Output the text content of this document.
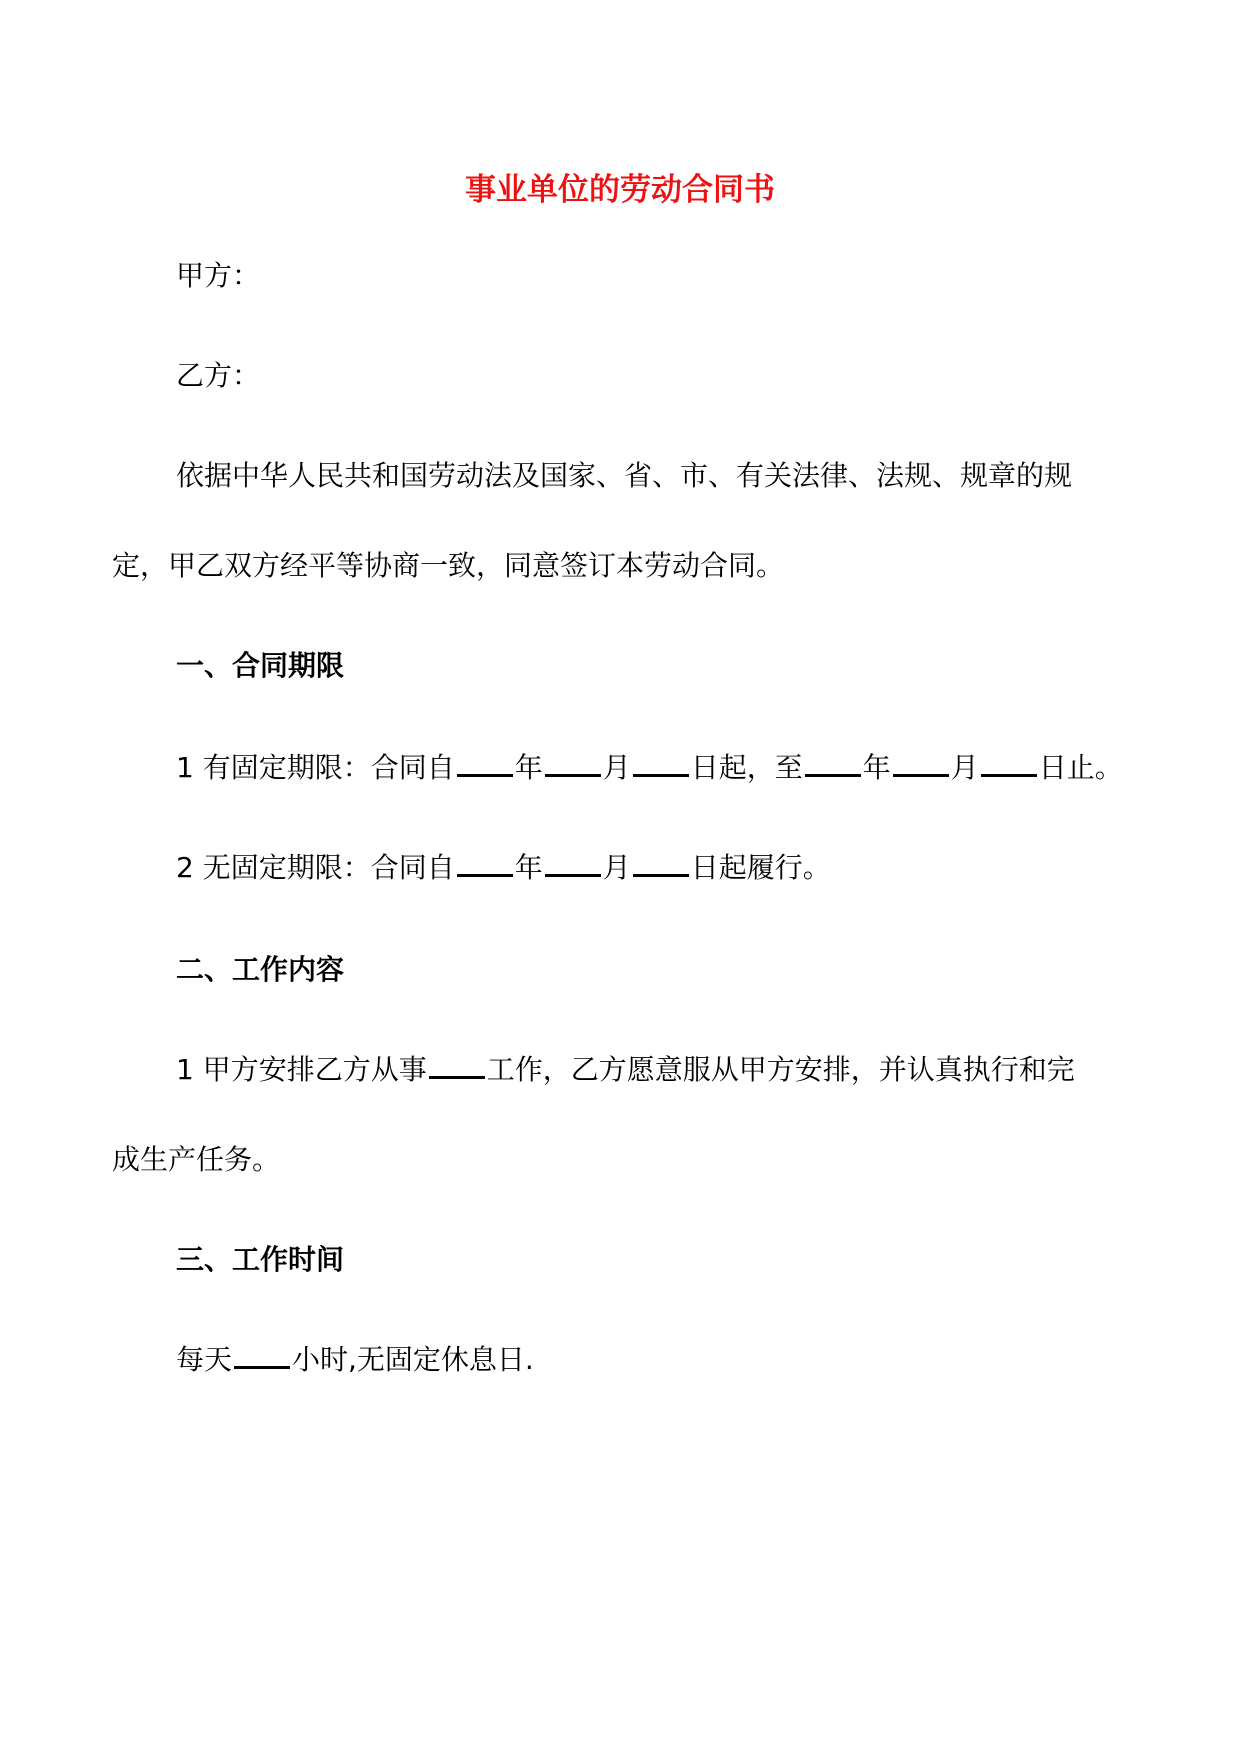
事业单位的劳动合同书
甲方：
乙方：
依据中华人民共和国劳动法及国家、省、市、有关法律、法规、规章的规
定，甲乙双方经平等协商一致，同意签订本劳动合同。
一、合同期限
1 有固定期限：合同自 年 月 日起，至 年 月 日止。
2 无固定期限：合同自 年 月 日起履行。
二、工作内容
1 甲方安排乙方从事 工作，乙方愿意服从甲方安排，并认真执行和完
成生产任务。
三、工作时间
每天 小时,无固定休息日.
